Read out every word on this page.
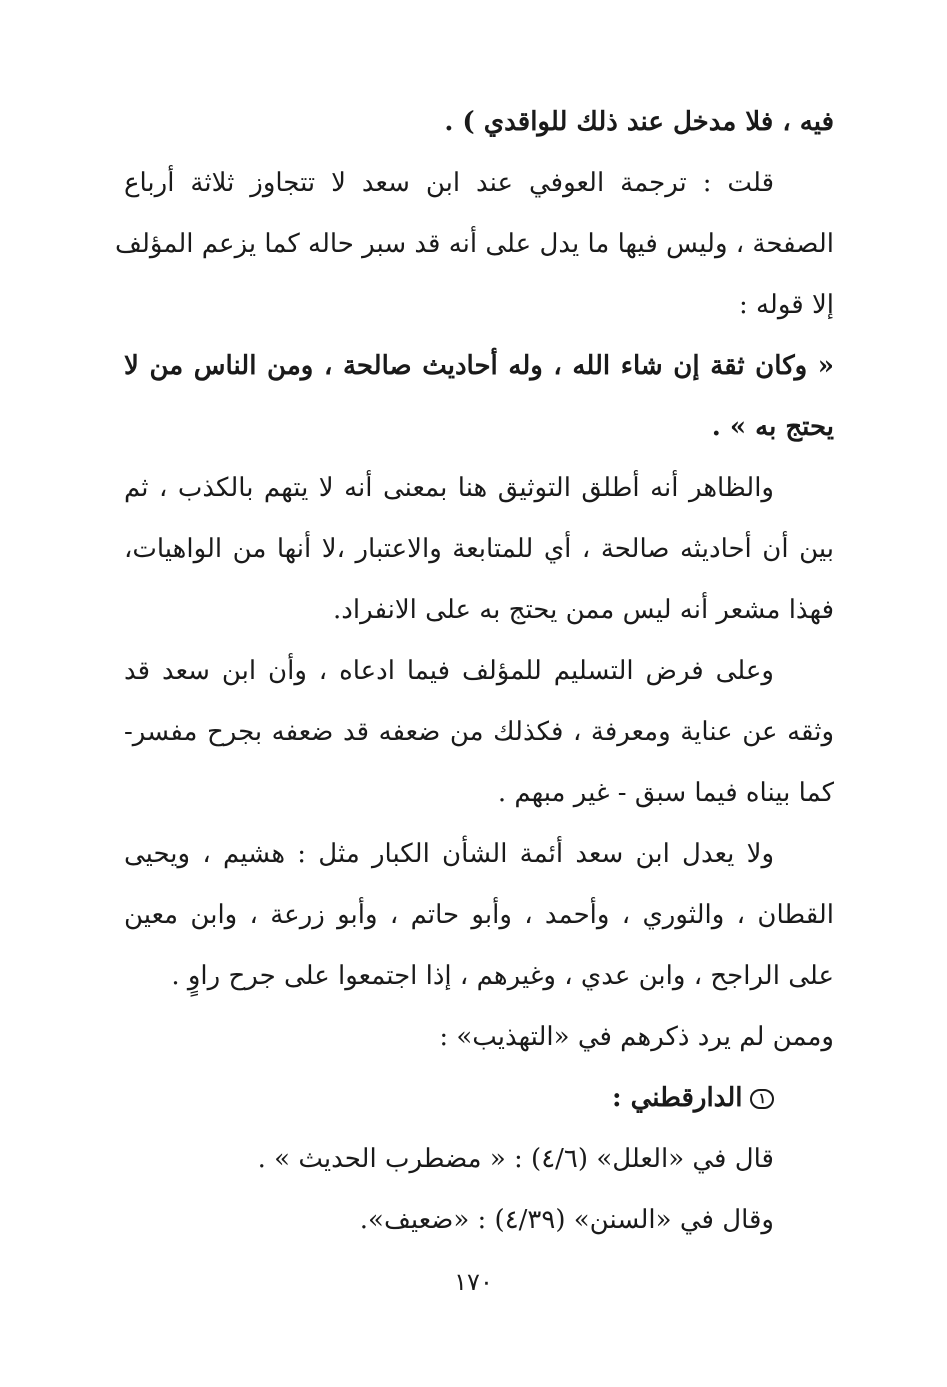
فيه ، فلا مدخل عند ذلك للواقدي ) .
قلت : ترجمة العوفي عند ابن سعد لا تتجاوز ثلاثة أرباع
الصفحة ، وليس فيها ما يدل على أنه قد سبر حاله كما يزعم المؤلف
إلا قوله :
« وكان ثقة إن شاء الله ، وله أحاديث صالحة ، ومن الناس من لا
يحتج به » .
والظاهر أنه أطلق التوثيق هنا بمعنى أنه لا يتهم بالكذب ، ثم
بين أن أحاديثه صالحة ، أي للمتابعة والاعتبار ،لا أنها من الواهيات،
فهذا مشعر أنه ليس ممن يحتج به على الانفراد.
وعلى فرض التسليم للمؤلف فيما ادعاه ، وأن ابن سعد قد
وثقه عن عناية ومعرفة ، فكذلك من ضعفه قد ضعفه بجرح مفسر-
كما بيناه فيما سبق - غير مبهم .
ولا يعدل ابن سعد أئمة الشأن الكبار مثل : هشيم ، ويحيى
القطان ، والثوري ، وأحمد ، وأبو حاتم ، وأبو زرعة ، وابن معين
على الراجح ، وابن عدي ، وغيرهم ، إذا اجتمعوا على جرح راوٍ .
وممن لم يرد ذكرهم في «التهذيب» :
١الدارقطني :
قال في «العلل» (٤/٦) : « مضطرب الحديث » .
وقال في «السنن» (٤/٣٩) : «ضعيف».
١٧٠
